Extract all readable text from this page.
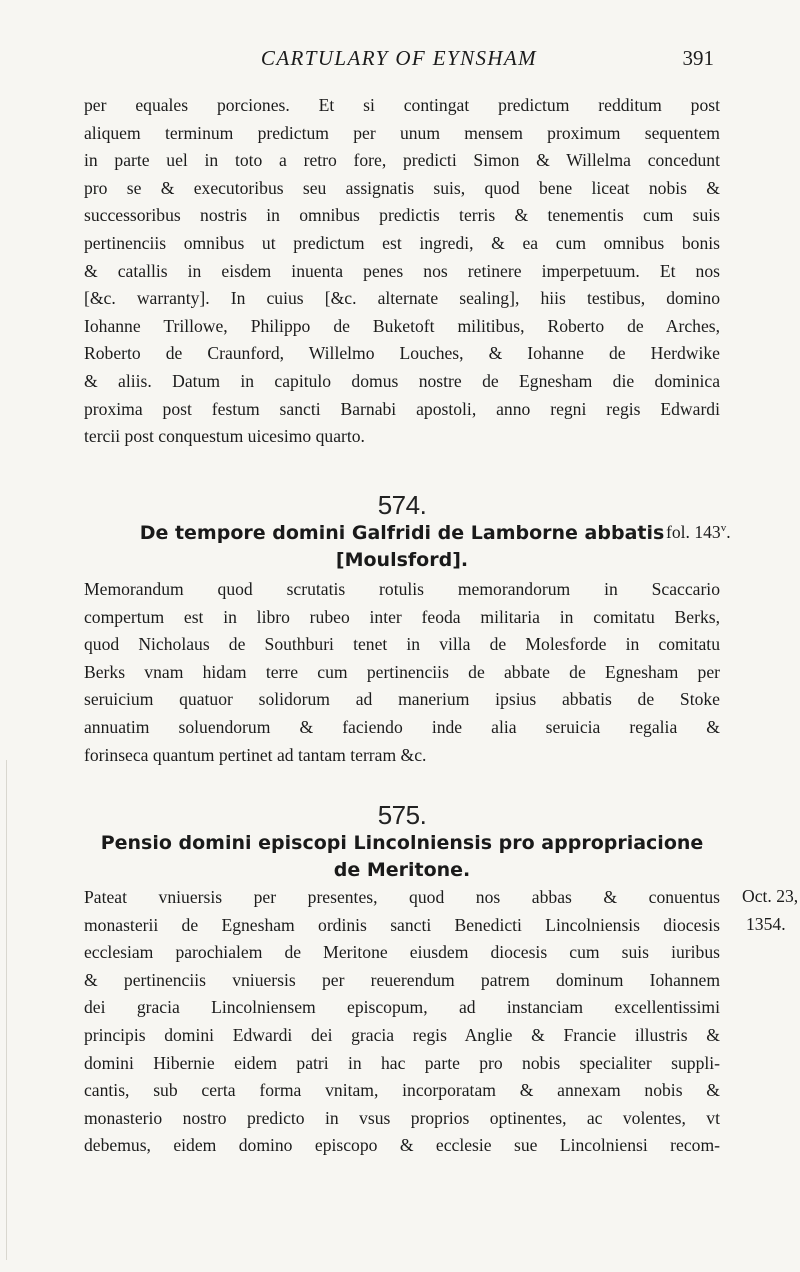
CARTULARY OF EYNSHAM	391
per equales porciones. Et si contingat predictum redditum post
aliquem terminum predictum per unum mensem proximum sequentem
in parte uel in toto a retro fore, predicti Simon & Willelma concedunt
pro se & executoribus seu assignatis suis, quod bene liceat nobis &
successoribus nostris in omnibus predictis terris & tenementis cum suis
pertinenciis omnibus ut predictum est ingredi, & ea cum omnibus bonis
& catallis in eisdem inuenta penes nos retinere imperpetuum. Et nos
[&c. warranty]. In cuius [&c. alternate sealing], hiis testibus, domino
Iohanne Trillowe, Philippo de Buketoft militibus, Roberto de Arches,
Roberto de Craunford, Willelmo Louches, & Iohanne de Herdwike
& aliis. Datum in capitulo domus nostre de Egnesham die dominica
proxima post festum sancti Barnabi apostoli, anno regni regis Edwardi
tercii post conquestum uicesimo quarto.
574.
De tempore domini Galfridi de Lamborne abbatis
[Moulsford].
fol. 143$^v$.
Memorandum quod scrutatis rotulis memorandorum in Scaccario
compertum est in libro rubeo inter feoda militaria in comitatu Berks,
quod Nicholaus de Southburi tenet in villa de Molesforde in comitatu
Berks vnam hidam terre cum pertinenciis de abbate de Egnesham per
seruicium quatuor solidorum ad manerium ipsius abbatis de Stoke
annuatim soluendorum & faciendo inde alia seruicia regalia &
forinseca quantum pertinet ad tantam terram &c.
575.
Pensio domini episcopi Lincolniensis pro appropriacione
de Meritone.
Oct. 23,
1354.
Pateat vniuersis per presentes, quod nos abbas & conuentus
monasterii de Egnesham ordinis sancti Benedicti Lincolniensis diocesis
ecclesiam parochialem de Meritone eiusdem diocesis cum suis iuribus
& pertinenciis vniuersis per reuerendum patrem dominum Iohannem
dei gracia Lincolniensem episcopum, ad instanciam excellentissimi
principis domini Edwardi dei gracia regis Anglie & Francie illustris &
domini Hibernie eidem patri in hac parte pro nobis specialiter suppli-
cantis, sub certa forma vnitam, incorporatam & annexam nobis &
monasterio nostro predicto in vsus proprios optinentes, ac volentes, vt
debemus, eidem domino episcopo & ecclesie sue Lincolniensi recom-
